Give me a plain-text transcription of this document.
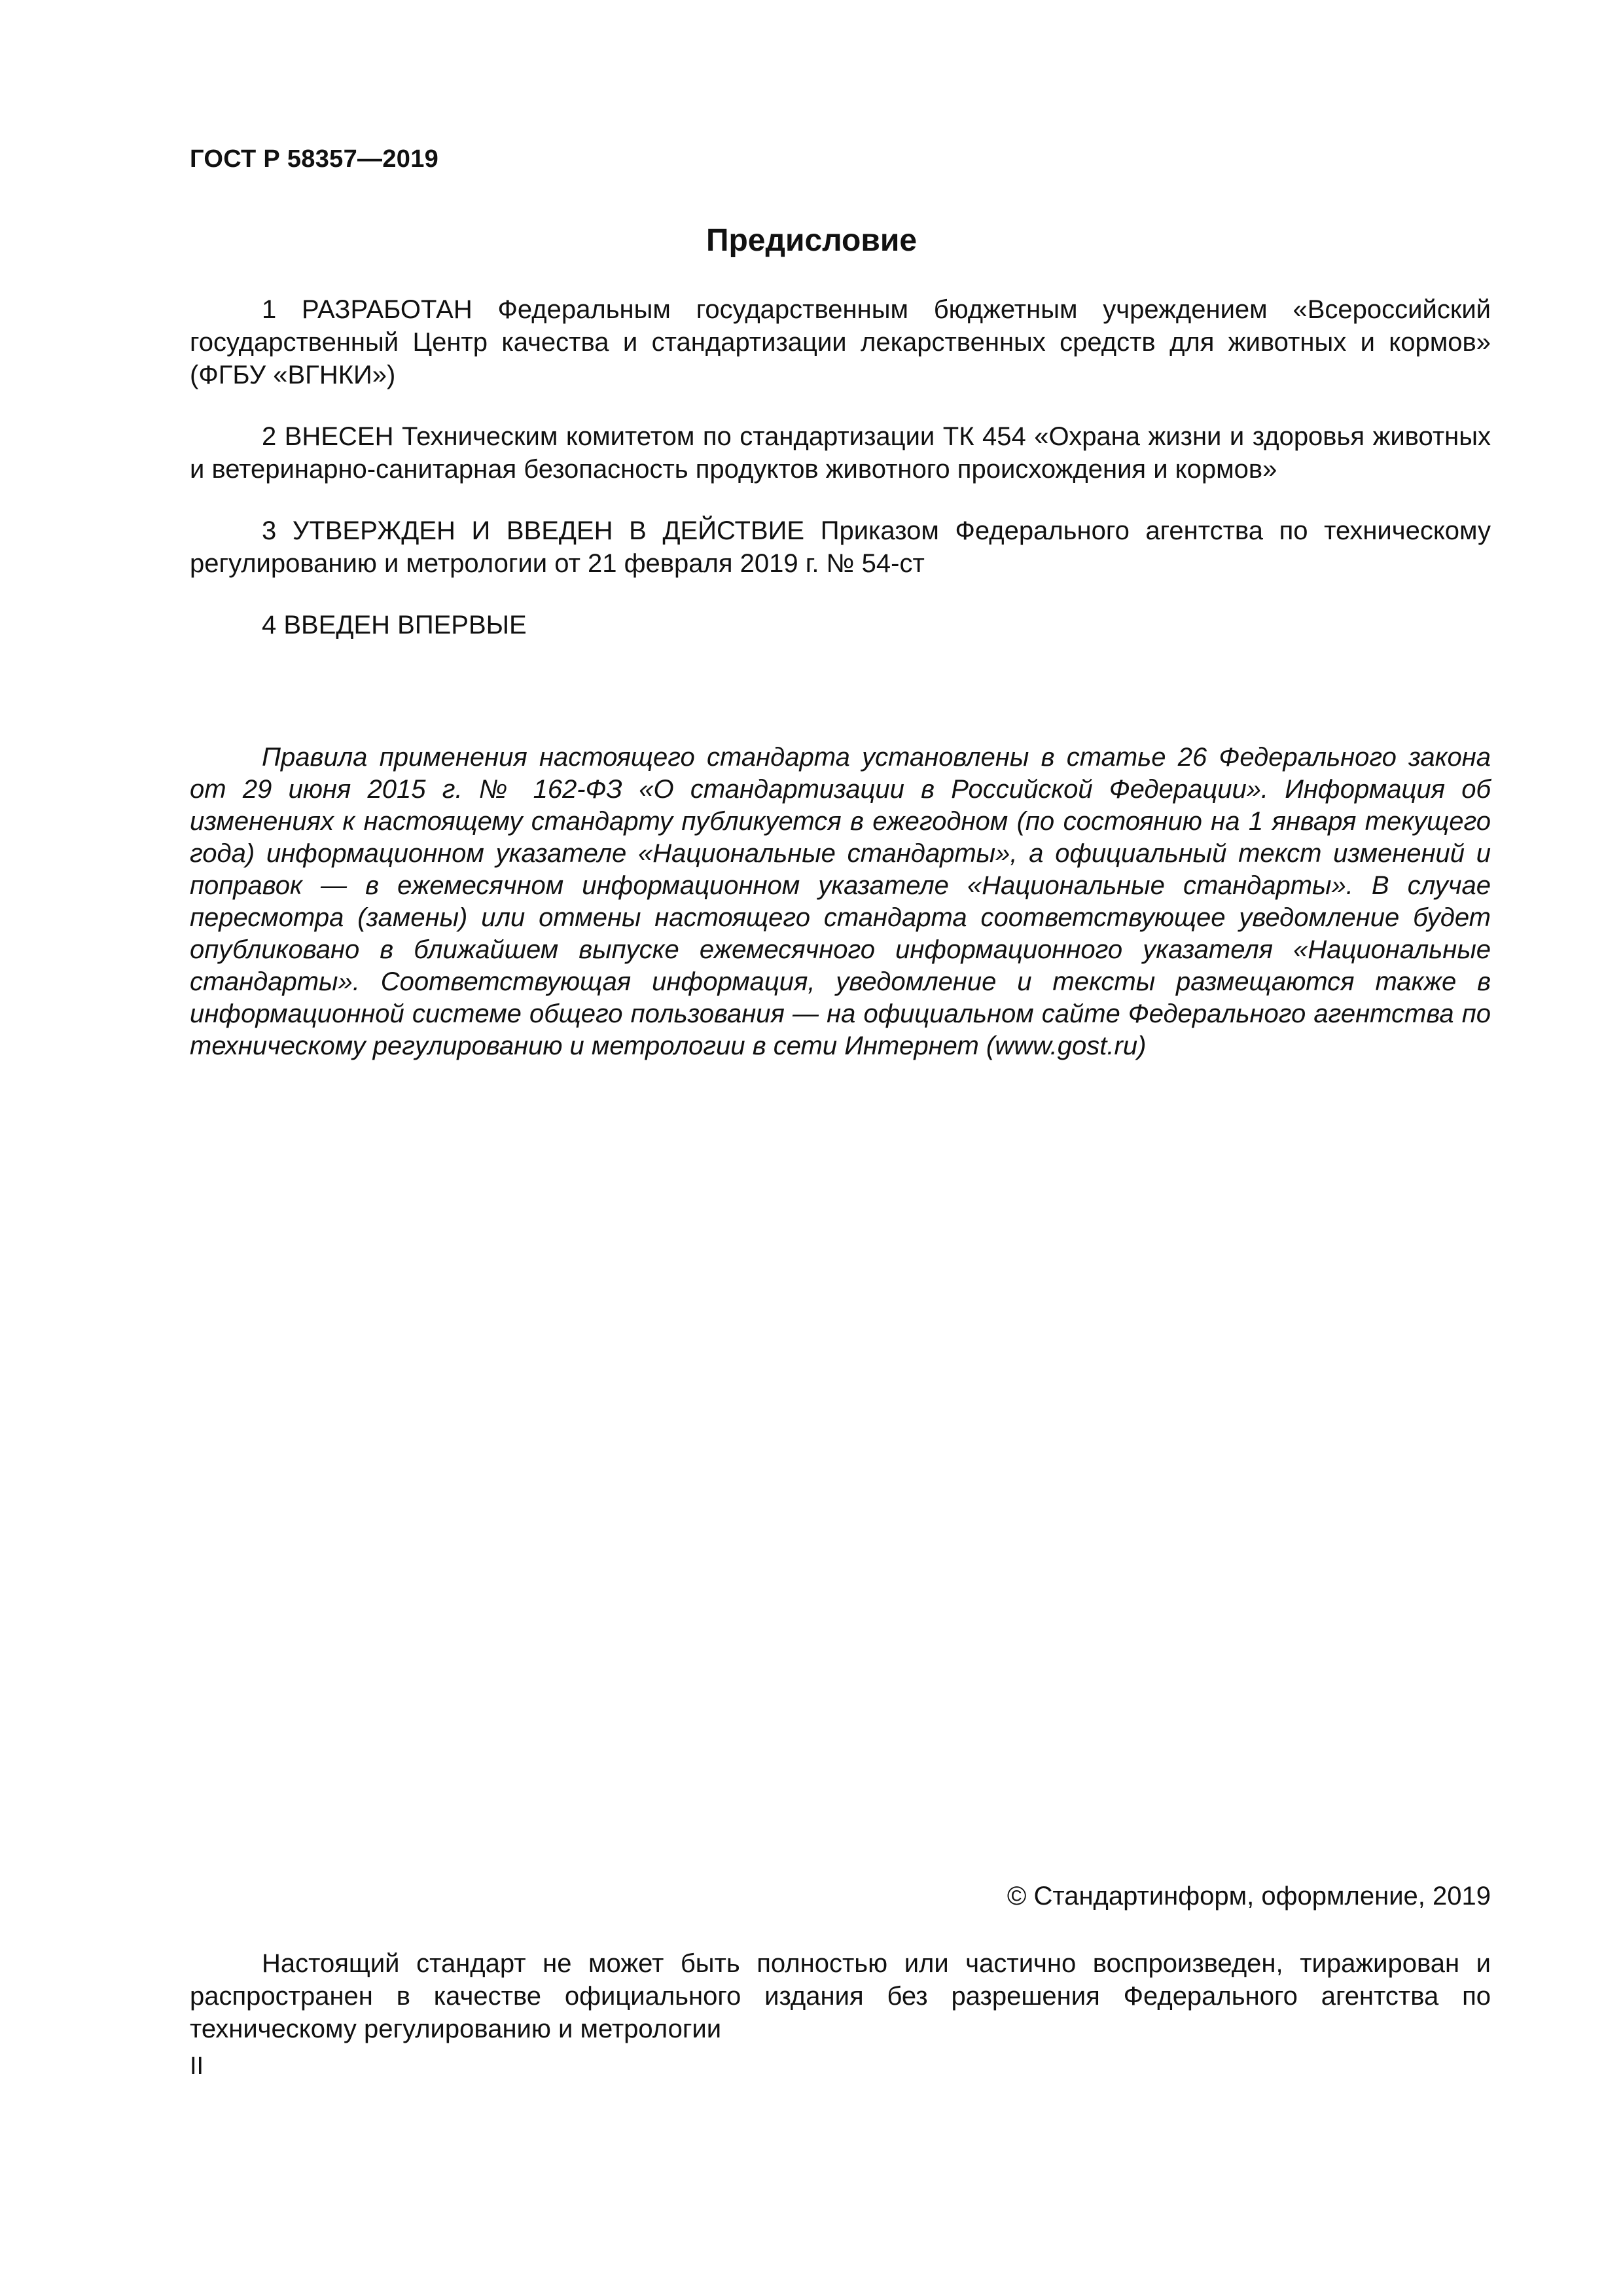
ГОСТ Р 58357—2019
Предисловие

1 РАЗРАБОТАН Федеральным государственным бюджетным учреждением «Всероссийский государственный Центр качества и стандартизации лекарственных средств для животных и кормов» (ФГБУ «ВГНКИ»)

2 ВНЕСЕН Техническим комитетом по стандартизации ТК 454 «Охрана жизни и здоровья животных и ветеринарно-санитарная безопасность продуктов животного происхождения и кормов»

3 УТВЕРЖДЕН И ВВЕДЕН В ДЕЙСТВИЕ Приказом Федерального агентства по техническому регулированию и метрологии от 21 февраля 2019 г. № 54-ст

4 ВВЕДЕН ВПЕРВЫЕ

Правила применения настоящего стандарта установлены в статье 26 Федерального закона от 29 июня 2015 г. № 162-ФЗ «О стандартизации в Российской Федерации». Информация об изменениях к настоящему стандарту публикуется в ежегодном (по состоянию на 1 января текущего года) информационном указателе «Национальные стандарты», а официальный текст изменений и поправок — в ежемесячном информационном указателе «Национальные стандарты». В случае пересмотра (замены) или отмены настоящего стандарта соответствующее уведомление будет опубликовано в ближайшем выпуске ежемесячного информационного указателя «Национальные стандарты». Соответствующая информация, уведомление и тексты размещаются также в информационной системе общего пользования — на официальном сайте Федерального агентства по техническому регулированию и метрологии в сети Интернет (www.gost.ru)

© Стандартинформ, оформление, 2019

Настоящий стандарт не может быть полностью или частично воспроизведен, тиражирован и распространен в качестве официального издания без разрешения Федерального агентства по техническому регулированию и метрологии

II
